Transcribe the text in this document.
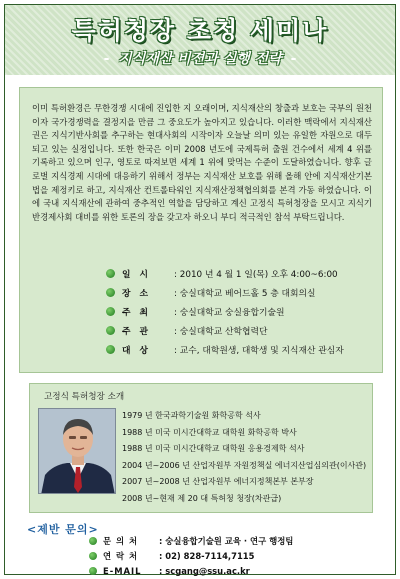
특허청장 초청 세미나
- 지식재산 비젼과 실행 전략 -

이미 특허환경은 무한경쟁 시대에 진입한 지 오래이며, 지식재산의 창출과 보호는 국부의 원천이자 국가경쟁력을 결정지을 만큼 그 중요도가 높아지고 있습니다. 이러한 맥락에서 지식재산권은 지식기반사회를 추구하는 현대사회의 시작이자 오늘날 의미 있는 유일한 자원으로 대두되고 있는 실정입니다. 또한 한국은 이미 2008 년도에 국제특허 출원 건수에서 세계 4 위를 기록하고 있으며 인구, 영토로 따져보면 세계 1 위에 맞먹는 수준이 도달하였습니다. 향후 글로벌 지식경제 시대에 대응하기 위해서 정부는 지식재산 보호를 위해 올해 안에 지식재산기본법을 제정키로 하고, 지식재산 컨트롤타워인 지식재산정책협의회를 본격 가동 하였습니다. 이에 국내 지식재산에 관하여 중추적인 역할을 담당하고 계신 고정식 특허청장을 모시고 지식기반경제사회 대비를 위한 토론의 장을 갖고자 하오니 부디 적극적인 참석 부탁드립니다.

일 시	: 2010 년 4 월 1 일(목) 오후 4:00~6:00
장 소	: 숭실대학교 베어드홀 5 층 대회의실
주 최	: 숭실대학교 숭실융합기술원
주 관	: 숭실대학교 산학협력단
대 상	: 교수, 대학원생, 대학생 및 지식재산 관심자
고정식 특허청장 소개
1979 년 한국과학기술원 화학공학 석사
1988 년 미국 미시간대학교 대학원 화학공학 박사
1988 년 미국 미시간대학교 대학원 응용경제학 석사
2004 년~2006 년 산업자원부 자원정책실 에너지산업심의관(이사관)
2007 년~2008 년 산업자원부 에너지정책본부 본부장
2008 년~현재 제 20 대 특허청 청장(차관급)
<제반 문의>
문 의 처	: 숭실융합기술원 교육 · 연구 행정팀
연 락 처	: 02) 828-7114,7115
E-MAIL	: scgang@ssu.ac.kr
